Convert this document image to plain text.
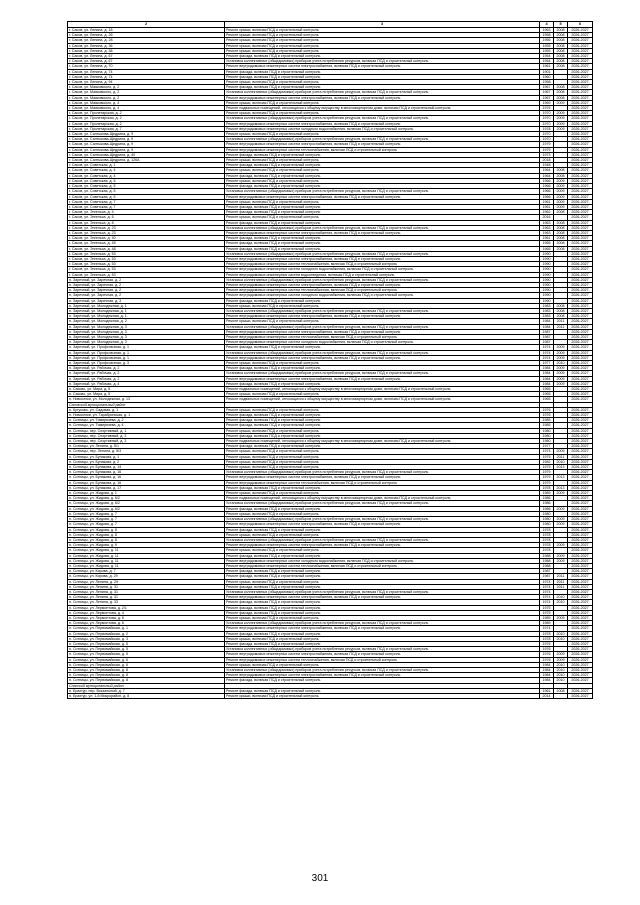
	2	3	4	5	6	
	г. Сасов, ул. Ленина, д. 18	Ремонт крыши, включая ПСД и строительный контроль	1963	2008	2026-2027	
	г. Сасов, ул. Ленина, д. 26	Ремонт крыши, включая ПСД и строительный контроль	1958	2008	2026-2027	
	г. Сасов, ул. Ленина, д. 28	Ремонт крыши, включая ПСД и строительный контроль	1956	2008	2026-2027	
	г. Сасов, ул. Ленина, д. 36	Ремонт крыши, включая ПСД и строительный контроль	1955	2008	2026-2027	
	г. Сасов, ул. Ленина, д. 38	Ремонт крыши, включая ПСД и строительный контроль	1955	2008	2026-2027	
	г. Сасов, ул. Ленина, д. 67	Ремонт фасада, включая ПСД и строительный контроль	1954	2008	2026-2027	
	г. Сасов, ул. Ленина, д. 67	Установка коллективных (общедомовых) приборов учета потребления ресурсов, включая ПСД и строительный контроль	1954	2008	2026-2027	
	г. Сасов, ул. Ленина, д. 70	Ремонт внутридомовых инженерных систем электроснабжения, включая ПСД и строительный контроль	1961	2008	2026-2027	
	г. Сасов, ул. Ленина, д. 74	Ремонт фасада, включая ПСД и строительный контроль	1901		2026-2027	
	г. Сасов, ул. Ленина, д. 74	Ремонт фасада, включая ПСД и строительный контроль	1960		2026-2027	
	г. Сасов, ул. Ленина, д. 94	Ремонт крыши, включая ПСД и строительный контроль	1958		2026-2027	
	г. Сасов, ул. Маяковского, д. 2	Ремонт фасада, включая ПСД и строительный контроль	1967	2008	2026-2027	
	г. Сасов, ул. Маяковского, д. 2	Установка коллективных (общедомовых) приборов учета потребления ресурсов, включая ПСД и строительный контроль	1967	2008	2026-2027	
	г. Сасов, ул. Маяковского, д. 2	Ремонт внутридомовых инженерных систем электроснабжения, включая ПСД и строительный контроль	1967	2008	2026-2027	
	г. Сасов, ул. Маяковского, д. 4	Ремонт крыши, включая ПСД и строительный контроль	1969	2009	2026-2027	
	г. Сасов, ул. Маяковского, д. 4	Ремонт подвальных помещений, относящихся к общему имуществу в многоквартирном доме, включая ПСД и строительный контроль	1976		2026-2027	
	г. Сасов, ул. Пролетарская, д. 2	Ремонт крыши, включая ПСД и строительный контроль	1970	2009	2026-2027	
	г. Сасов, ул. Пролетарская, д. 2	Установка коллективных (общедомовых) приборов учета потребления ресурсов, включая ПСД и строительный контроль	1970	2009	2026-2027	
	г. Сасов, ул. Пролетарская, д. 2	Ремонт внутридомовых инженерных систем электроснабжения, включая ПСД и строительный контроль	1970	2009	2026-2027	
	г. Сасов, ул. Пролетарская, д. 7	Ремонт внутридомовых инженерных систем холодного водоснабжения, включая ПСД и строительный контроль	1978	2009	2026-2027	
	г. Сасов, ул. Салтыкова-Щедрина, д. 9	Ремонт крыши, включая ПСД и строительный контроль	1970		2026-2027	
	г. Сасов, ул. Салтыкова-Щедрина, д. 9	Установка коллективных (общедомовых) приборов учета потребления ресурсов, включая ПСД и строительный контроль	1970		2026-2027	
	г. Сасов, ул. Салтыкова-Щедрина, д. 9	Ремонт внутридомовых инженерных систем электроснабжения, включая ПСД и строительный контроль	1979		2026-2027	
	г. Сасов, ул. Салтыкова-Щедрина, д. 9	Ремонт внутридомовых инженерных систем теплоснабжения, включая ПСД и строительный контроль	1979		2026-2027	
	г. Сасов, ул. Салтыкова-Щедрина, д. 40	Ремонт фасада, включая ПСД и строительный контроль	1973		2026-2027	
	г. Сасов, ул. Салтыкова-Щедрина, д. 126А	Ремонт крыши, включая ПСД и строительный контроль	2018		2026-2027	
	г. Сасов, ул. Советская, д. 1	Ремонт фасада, включая ПСД и строительный контроль	1948		2026-2027	
	г. Сасов, ул. Советская, д. 4	Ремонт крыши, включая ПСД и строительный контроль	1964	2008	2026-2027	
	г. Сасов, ул. Советская, д. 4	Ремонт фасада, включая ПСД и строительный контроль	1964	2008	2026-2027	
	г. Сасов, ул. Советская, д. 5	Ремонт крыши, включая ПСД и строительный контроль	1966	2009	2026-2027	
	г. Сасов, ул. Советская, д. 5	Ремонт фасада, включая ПСД и строительный контроль	1966	2009	2026-2027	
	г. Сасов, ул. Советская, д. 5	Установка коллективных (общедомовых) приборов учета потребления ресурсов, включая ПСД и строительный контроль	1966	2009	2026-2027	
	г. Сасов, ул. Советская, д. 5	Ремонт внутридомовых инженерных систем электроснабжения, включая ПСД и строительный контроль	1966	2009	2026-2027	
	г. Сасов, ул. Советская, д. 7	Ремонт крыши, включая ПСД и строительный контроль	1961	2009	2026-2027	
	г. Сасов, ул. Советская, д. 7	Ремонт фасада, включая ПСД и строительный контроль	1961	2009	2026-2027	
	г. Сасов, ул. Энгельса, д. 4	Ремонт фасада, включая ПСД и строительный контроль	1962	2008	2026-2027	
	г. Сасов, ул. Энгельса, д. 6	Ремонт крыши, включая ПСД и строительный контроль	2016		2026-2027	
	г. Сасов, ул. Энгельса, д. 8	Ремонт фасада, включая ПСД и строительный контроль	1963	2008	2026-2027	
	г. Сасов, ул. Энгельса, д. 23	Установка коллективных (общедомовых) приборов учета потребления ресурсов, включая ПСД и строительный контроль	1963	2008	2026-2027	
	г. Сасов, ул. Энгельса, д. 23	Ремонт внутридомовых инженерных систем электроснабжения, включая ПСД и строительный контроль	1963	2008	2026-2027	
	г. Сасов, ул. Энгельса, д. 40	Ремонт фасада, включая ПСД и строительный контроль	1961	2008	2026-2027	
	г. Сасов, ул. Энгельса, д. 45	Ремонт фасада, включая ПСД и строительный контроль	1965	2008	2026-2027	
	г. Сасов, ул. Энгельса, д. 48	Ремонт фасада, включая ПСД и строительный контроль	1965	2008	2026-2027	
	г. Сасов, ул. Энгельса, д. 53	Установка коллективных (общедомовых) приборов учета потребления ресурсов, включая ПСД и строительный контроль	1990		2026-2027	
	г. Сасов, ул. Энгельса, д. 53	Ремонт внутридомовых инженерных систем электроснабжения, включая ПСД и строительный контроль	1990		2026-2027	
	г. Сасов, ул. Энгельса, д. 53	Ремонт внутридомовых инженерных систем теплоснабжения, включая ПСД и строительный контроль	1990		2026-2027	
	г. Сасов, ул. Энгельса, д. 53	Ремонт внутридомовых инженерных систем холодного водоснабжения, включая ПСД и строительный контроль	1990		2026-2027	
	г. Сасов, ул. Энгельса, д. 53	Ремонт внутридомовых инженерных систем водоотведения, включая ПСД и строительный контроль	1990		2026-2027	
	п. Заречный, ул. Заречная, д. 2	Установка коллективных (общедомовых) приборов учета потребления ресурсов, включая ПСД и строительный контроль	1990		2026-2027	
	п. Заречный, ул. Заречная, д. 2	Ремонт внутридомовых инженерных систем электроснабжения, включая ПСД и строительный контроль	1990		2026-2027	
	п. Заречный, ул. Заречная, д. 2	Ремонт внутридомовых инженерных систем теплоснабжения, включая ПСД и строительный контроль	1990		2026-2027	
	п. Заречный, ул. Заречная, д. 2	Ремонт внутридомовых инженерных систем холодного водоснабжения, включая ПСД и строительный контроль	1990		2026-2027	
	п. Заречный, ул. Заречная, д. 3	Ремонт фасада, включая ПСД и строительный контроль	1990		2026-2027	
	п. Заречный, ул. Молодежная, д. 1	Ремонт крыши, включая ПСД и строительный контроль	1983	2008	2026-2027	
	п. Заречный, ул. Молодежная, д. 1	Установка коллективных (общедомовых) приборов учета потребления ресурсов, включая ПСД и строительный контроль	1983	2008	2026-2027	
	п. Заречный, ул. Молодежная, д. 1	Ремонт внутридомовых инженерных систем электроснабжения, включая ПСД и строительный контроль	1983	2008	2026-2027	
	п. Заречный, ул. Молодежная, д. 2	Ремонт крыши, включая ПСД и строительный контроль	1984	2011	2026-2027	
	п. Заречный, ул. Молодежная, д. 3	Установка коллективных (общедомовых) приборов учета потребления ресурсов, включая ПСД и строительный контроль	1984	2011	2026-2027	
	п. Заречный, ул. Молодежная, д. 3	Ремонт внутридомовых инженерных систем электроснабжения, включая ПСД и строительный контроль	1987		2026-2027	
	п. Заречный, ул. Молодежная, д. 3	Ремонт внутридомовых инженерных систем теплоснабжения, включая ПСД и строительный контроль	1987		2026-2027	
	п. Заречный, ул. Молодежная, д. 3	Ремонт внутридомовых инженерных систем холодного водоснабжения, включая ПСД и строительный контроль	1987		2026-2027	
	п. Заречный, ул. Профсоюзная, д. 1	Ремонт фасада, включая ПСД и строительный контроль	1974	2009	2026-2027	
	п. Заречный, ул. Профсоюзная, д. 1	Установка коллективных (общедомовых) приборов учета потребления ресурсов, включая ПСД и строительный контроль	1974	2009	2026-2027	
	п. Заречный, ул. Профсоюзная, д. 1	Ремонт внутридомовых инженерных систем электроснабжения, включая ПСД и строительный контроль	1974	2009	2026-2027	
	п. Заречный, ул. Профсоюзная, д. 3	Ремонт крыши, включая ПСД и строительный контроль	1977	2010	2026-2027	
	п. Заречный, ул. Рабочая, д. 2	Ремонт фасада, включая ПСД и строительный контроль	1984	2009	2026-2027	
	п. Заречный, ул. Рабочая, д. 2	Установка коллективных (общедомовых) приборов учета потребления ресурсов, включая ПСД и строительный контроль	1984	2009	2026-2027	
	п. Заречный, ул. Рабочая, д. 2	Ремонт внутридомовых инженерных систем электроснабжения, включая ПСД и строительный контроль	1984	2009	2026-2027	
	п. Заречный, ул. Рабочая, д. 4	Ремонт фасада, включая ПСД и строительный контроль	1984	2009	2026-2027	
	п. Сасово, ул. Мира, д. 5	Ремонт подвальных помещений, относящихся к общему имуществу в многоквартирном доме, включая ПСД и строительный контроль	1965		2026-2027	
	п. Сасово, ул. Мира, д. 5	Ремонт крыши, включая ПСД и строительный контроль	1965		2026-2027	
	п. Новоселки, ул. Молодежная, д. 13	Ремонт подвальных помещений, относящихся к общему имуществу в многоквартирном доме, включая ПСД и строительный контроль	1965		2026-2027	
	Сасовский муниципальный район					
	п. Кутуково, ул. Садовая, д. 1	Ремонт крыши, включая ПСД и строительный контроль	1976		2026-2027	
	п. Новоселки, ул. Тарабринская, д. 1	Ремонт фасада, включая ПСД и строительный контроль	1976		2026-2027	
	п. Сотницы, ул. Тимирязева, д. 2	Ремонт фасада, включая ПСД и строительный контроль	1985		2026-2027	
	п. Сотницы, ул. Тимирязева, д. 4	Ремонт фасада, включая ПСД и строительный контроль	1985		2026-2027	
	п. Сотницы, пер. Спортивный, д. 1	Ремонт крыши, включая ПСД и строительный контроль	1980		2026-2027	
	п. Сотницы, пер. Спортивный, д. 3	Ремонт фасада, включая ПСД и строительный контроль	1980		2026-2027	
	п. Сотницы, пер. Спортивный, д. 3	Ремонт подвальных помещений, относящихся к общему имуществу в многоквартирном доме, включая ПСД и строительный контроль	1980		2026-2027	
	п. Сотницы, ул. Ленина, д. 5/1	Ремонт фасада, включая ПСД и строительный контроль	1977		2026-2027	
	п. Сотницы, пер. Ленина, д. 5/3	Ремонт крыши, включая ПСД и строительный контроль	1974	2009	2026-2027	
	п. Сотницы, ул. Бунакова, д. 1	Ремонт крыши, включая ПСД и строительный контроль	1975	2011	2026-2027	
	п. Сотницы, ул. Бунакова, д. 2	Ремонт крыши, включая ПСД и строительный контроль	1982	2010	2026-2027	
	п. Сотницы, ул. Бунакова, д. 14	Ремонт крыши, включая ПСД и строительный контроль	1975	2013	2026-2027	
	п. Сотницы, ул. Бунакова, д. 16	Установка коллективных (общедомовых) приборов учета потребления ресурсов, включая ПСД и строительный контроль	1979		2026-2027	
	п. Сотницы, ул. Бунакова, д. 16	Ремонт внутридомовых инженерных систем электроснабжения, включая ПСД и строительный контроль	1979	2013	2026-2027	
	п. Сотницы, ул. Бунакова, д. 16	Ремонт внутридомовых инженерных систем теплоснабжения, включая ПСД и строительный контроль	1979		2026-2027	
	п. Сотницы, ул. Бунакова, д. 17	Ремонт фасада, включая ПСД и строительный контроль	1978	2013	2026-2027	
	п. Сотницы, ул. Жидова, д. 1	Ремонт крыши, включая ПСД и строительный контроль	1989	2009	2026-2027	
	п. Сотницы, ул. Жидова, д. 6/2	Ремонт подвальных помещений, относящихся к общему имуществу в многоквартирном доме, включая ПСД и строительный контроль	1986		2026-2027	
	п. Сотницы, ул. Жидова, д. 6/2	Установка коллективных (общедомовых) приборов учета потребления ресурсов, включая ПСД и строительный контроль	1986		2026-2027	
	п. Сотницы, ул. Жидова, д. 6/2	Ремонт фасада, включая ПСД и строительный контроль	1986	2009	2026-2027	
	п. Сотницы, ул. Жидова, д. 7	Ремонт крыши, включая ПСД и строительный контроль	1980		2026-2027	
	п. Сотницы, ул. Жидова, д. 7	Установка коллективных (общедомовых) приборов учета потребления ресурсов, включая ПСД и строительный контроль	1980	2009	2026-2027	
	п. Сотницы, ул. Жидова, д. 7	Ремонт внутридомовых инженерных систем электроснабжения, включая ПСД и строительный контроль	1980	2009	2026-2027	
	п. Сотницы, ул. Жидова, д. 8	Ремонт фасада, включая ПСД и строительный контроль	1978		2026-2027	
	п. Сотницы, ул. Жидова, д. 8	Ремонт крыши, включая ПСД и строительный контроль	1978		2026-2027	
	п. Сотницы, ул. Жидова, д. 8	Установка коллективных (общедомовых) приборов учета потребления ресурсов, включая ПСД и строительный контроль	1978		2026-2027	
	п. Сотницы, ул. Жидова, д. 9	Ремонт внутридомовых инженерных систем электроснабжения, включая ПСД и строительный контроль	1978	2009	2026-2027	
	п. Сотницы, ул. Жидова, д. 11	Ремонт крыши, включая ПСД и строительный контроль	1978		2026-2027	
	п. Сотницы, ул. Жидова, д. 11	Ремонт фасада, включая ПСД и строительный контроль	1988	2009	2026-2027	
	п. Сотницы, ул. Жидова, д. 11	Ремонт внутридомовых инженерных систем холодного водоснабжения, включая ПСД и строительный контроль	1988	2009	2026-2027	
	п. Сотницы, ул. Жидова, д. 11	Ремонт внутридомовых инженерных систем теплоснабжения, включая ПСД и строительный контроль	1988		2026-2027	
	п. Сотницы, ул. Кирова, д. 7	Ремонт фасада, включая ПСД и строительный контроль	1987		2026-2027	
	п. Сотницы, ул. Кирова, д. 29	Ремонт фасада, включая ПСД и строительный контроль	1987	2011	2026-2027	
	п. Сотницы, ул. Ленина, д. 29	Ремонт крыши, включая ПСД и строительный контроль	1974	2011	2026-2027	
	п. Сотницы, ул. Ленина, д. 31	Ремонт фасада, включая ПСД и строительный контроль	1974	2011	2026-2027	
	п. Сотницы, ул. Ленина, д. 31	Установка коллективных (общедомовых) приборов учета потребления ресурсов, включая ПСД и строительный контроль	1974		2026-2027	
	п. Сотницы, ул. Ленина, д. 31	Ремонт внутридомовых инженерных систем электроснабжения, включая ПСД и строительный контроль	1974	2010	2026-2027	
	п. Сотницы, ул. Ленина, д. 33	Ремонт фасада, включая ПСД и строительный контроль	1974	2010	2026-2027	
	п. Сотницы, ул. Лермонтова, д. 2/1	Ремонт фасада, включая ПСД и строительный контроль	1975		2026-2027	
	п. Сотницы, ул. Лермонтова, д. 4	Ремонт фасада, включая ПСД и строительный контроль	1975		2026-2027	
	п. Сотницы, ул. Лермонтова, д. 6	Ремонт крыши, включая ПСД и строительный контроль	1989	2009	2026-2027	
	п. Сотницы, ул. Лермонтова, д. 6	Установка коллективных (общедомовых) приборов учета потребления ресурсов, включая ПСД и строительный контроль	1989		2026-2027	
	п. Сотницы, ул. Первомайская, д. 1	Ремонт внутридомовых инженерных систем электроснабжения, включая ПСД и строительный контроль	1974		2026-2027	
	п. Сотницы, ул. Первомайская, д. 2	Ремонт фасада, включая ПСД и строительный контроль	1978	2010	2026-2027	
	п. Сотницы, ул. Первомайская, д. 3	Ремонт крыши, включая ПСД и строительный контроль	1978	2010	2026-2027	
	п. Сотницы, ул. Первомайская, д. 5	Ремонт фасада, включая ПСД и строительный контроль	1976		2026-2027	
	п. Сотницы, ул. Первомайская, д. 5	Установка коллективных (общедомовых) приборов учета потребления ресурсов, включая ПСД и строительный контроль	1976		2026-2027	
	п. Сотницы, ул. Первомайская, д. 5	Ремонт внутридомовых инженерных систем электроснабжения, включая ПСД и строительный контроль	1976	2009	2026-2027	
	п. Сотницы, ул. Первомайская, д. 6	Ремонт внутридомовых инженерных систем теплоснабжения, включая ПСД и строительный контроль	1976	2009	2026-2027	
	п. Сотницы, ул. Первомайская, д. 6	Ремонт крыши, включая ПСД и строительный контроль	1984	2010	2026-2027	
	п. Сотницы, ул. Первомайская, д. 8	Установка коллективных (общедомовых) приборов учета потребления ресурсов, включая ПСД и строительный контроль	1984	2010	2026-2027	
	п. Сотницы, ул. Первомайская, д. 8	Ремонт внутридомовых инженерных систем электроснабжения, включая ПСД и строительный контроль	1984	2010	2026-2027	
	п. Сотницы, ул. Первомайская, д. 8	Ремонт фасада, включая ПСД и строительный контроль	1984	2010	2026-2027	
	Спасский муниципальный район					
	п. Ерахтур, пер. Вокзальный, д. 7	Ремонт фасада, включая ПСД и строительный контроль	1961	2008	2026-2027	
	п. Ерахтур, ул. 1-й Микрорайон, д. 8	Ремонт крыши, включая ПСД и строительный контроль	2014		2026-2027	
301
